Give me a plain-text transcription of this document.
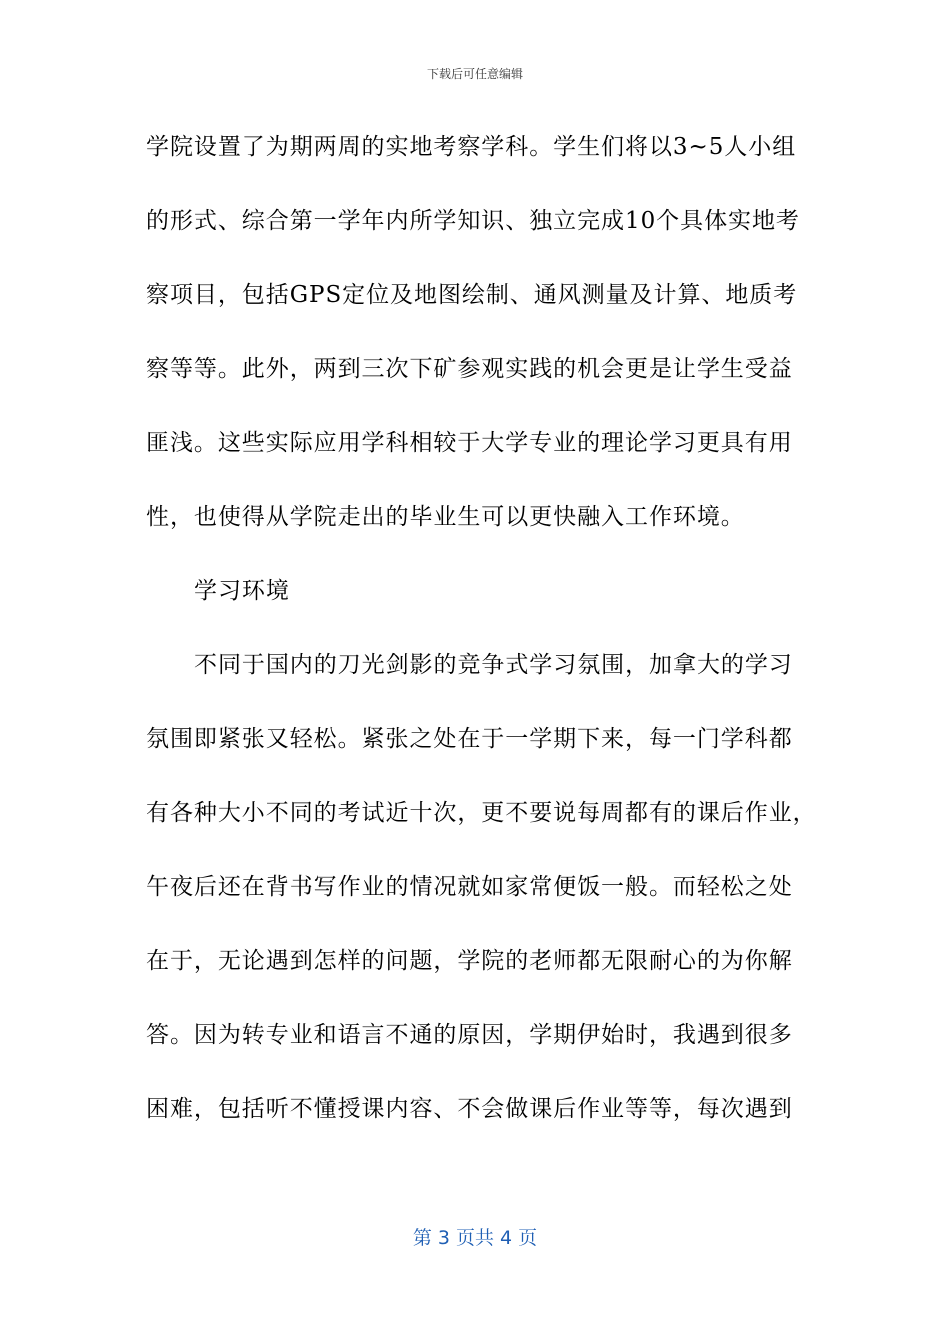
下载后可任意编辑
学院设置了为期两周的实地考察学科。学生们将以3~5人小组
的形式、综合第一学年内所学知识、独立完成10个具体实地考
察项目，包括GPS定位及地图绘制、通风测量及计算、地质考
察等等。此外，两到三次下矿参观实践的机会更是让学生受益
匪浅。这些实际应用学科相较于大学专业的理论学习更具有用
性，也使得从学院走出的毕业生可以更快融入工作环境。
学习环境
不同于国内的刀光剑影的竞争式学习氛围，加拿大的学习
氛围即紧张又轻松。紧张之处在于一学期下来，每一门学科都
有各种大小不同的考试近十次，更不要说每周都有的课后作业，
午夜后还在背书写作业的情况就如家常便饭一般。而轻松之处
在于，无论遇到怎样的问题，学院的老师都无限耐心的为你解
答。因为转专业和语言不通的原因，学期伊始时，我遇到很多
困难，包括听不懂授课内容、不会做课后作业等等，每次遇到
第 3 页共 4 页
